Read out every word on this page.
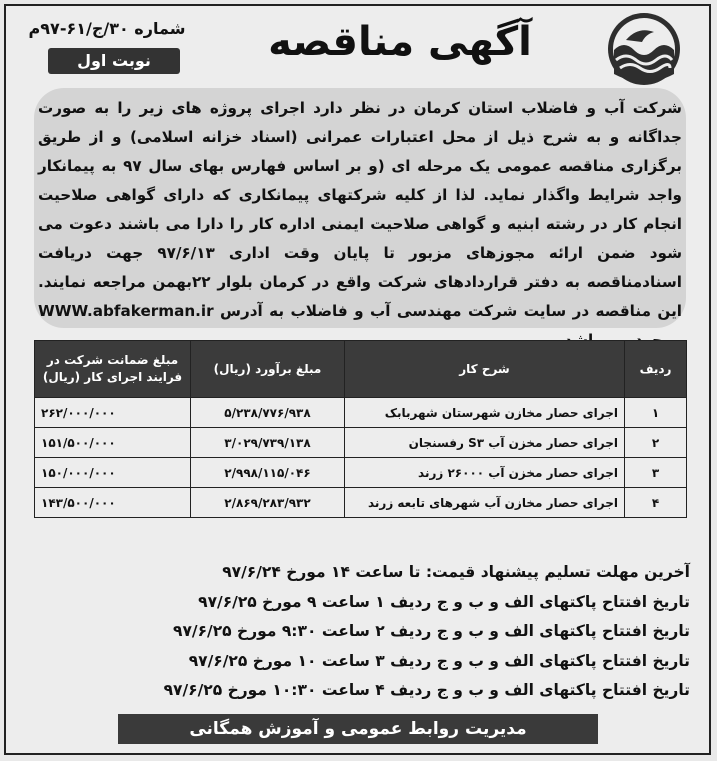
آگهی مناقصه
شماره ۳۰/ج/۶۱-۹۷م
نوبت اول
شرکت آب و فاضلاب استان کرمان در نظر دارد اجرای پروژه های زیر را به صورت جداگانه و به شرح ذیل از محل اعتبارات عمرانی (اسناد خزانه اسلامی) و از طریق برگزاری مناقصه عمومی یک مرحله ای (و بر اساس فهارس بهای سال ۹۷ به پیمانکار واجد شرایط واگذار نماید. لذا از کلیه شرکتهای پیمانکاری که دارای گواهی صلاحیت انجام کار در رشته ابنیه و گواهی صلاحیت ایمنی اداره کار را دارا می باشند دعوت می شود ضمن ارائه مجوزهای مزبور تا پایان وقت اداری ۹۷/۶/۱۳ جهت دریافت اسنادمناقصه به دفتر قراردادهای شرکت واقع در کرمان بلوار ۲۲بهمن مراجعه نمایند. این مناقصه در سایت شرکت مهندسی آب و فاضلاب به آدرس WWW.abfakerman.ir
ردیف	شرح کار	مبلغ برآورد (ریال)	مبلغ ضمانت شرکت در فرایند اجرای کار (ریال)
۱	اجرای حصار مخازن شهرستان شهربابک	۵/۲۳۸/۷۷۶/۹۳۸	۲۶۲/۰۰۰/۰۰۰
۲	اجرای حصار مخزن آب S۳ رفسنجان	۳/۰۲۹/۷۳۹/۱۳۸	۱۵۱/۵۰۰/۰۰۰
۳	اجرای حصار مخزن آب ۲۶۰۰۰ زرند	۲/۹۹۸/۱۱۵/۰۴۶	۱۵۰/۰۰۰/۰۰۰
۴	اجرای حصار مخازن آب شهرهای تابعه زرند	۲/۸۶۹/۲۸۳/۹۳۲	۱۴۳/۵۰۰/۰۰۰
آخرین مهلت تسلیم پیشنهاد قیمت: تا ساعت ۱۴ مورخ ۹۷/۶/۲۴
تاریخ افتتاح پاکتهای الف و ب و ج ردیف ۱ ساعت ۹ مورخ ۹۷/۶/۲۵
تاریخ افتتاح پاکتهای الف و ب و ج ردیف ۲ ساعت ۹:۳۰ مورخ ۹۷/۶/۲۵
تاریخ افتتاح پاکتهای الف و ب و ج ردیف ۳ ساعت ۱۰ مورخ ۹۷/۶/۲۵
تاریخ افتتاح پاکتهای الف و ب و ج ردیف ۴ ساعت ۱۰:۳۰ مورخ ۹۷/۶/۲۵
مدیریت روابط عمومی و آموزش همگانی
